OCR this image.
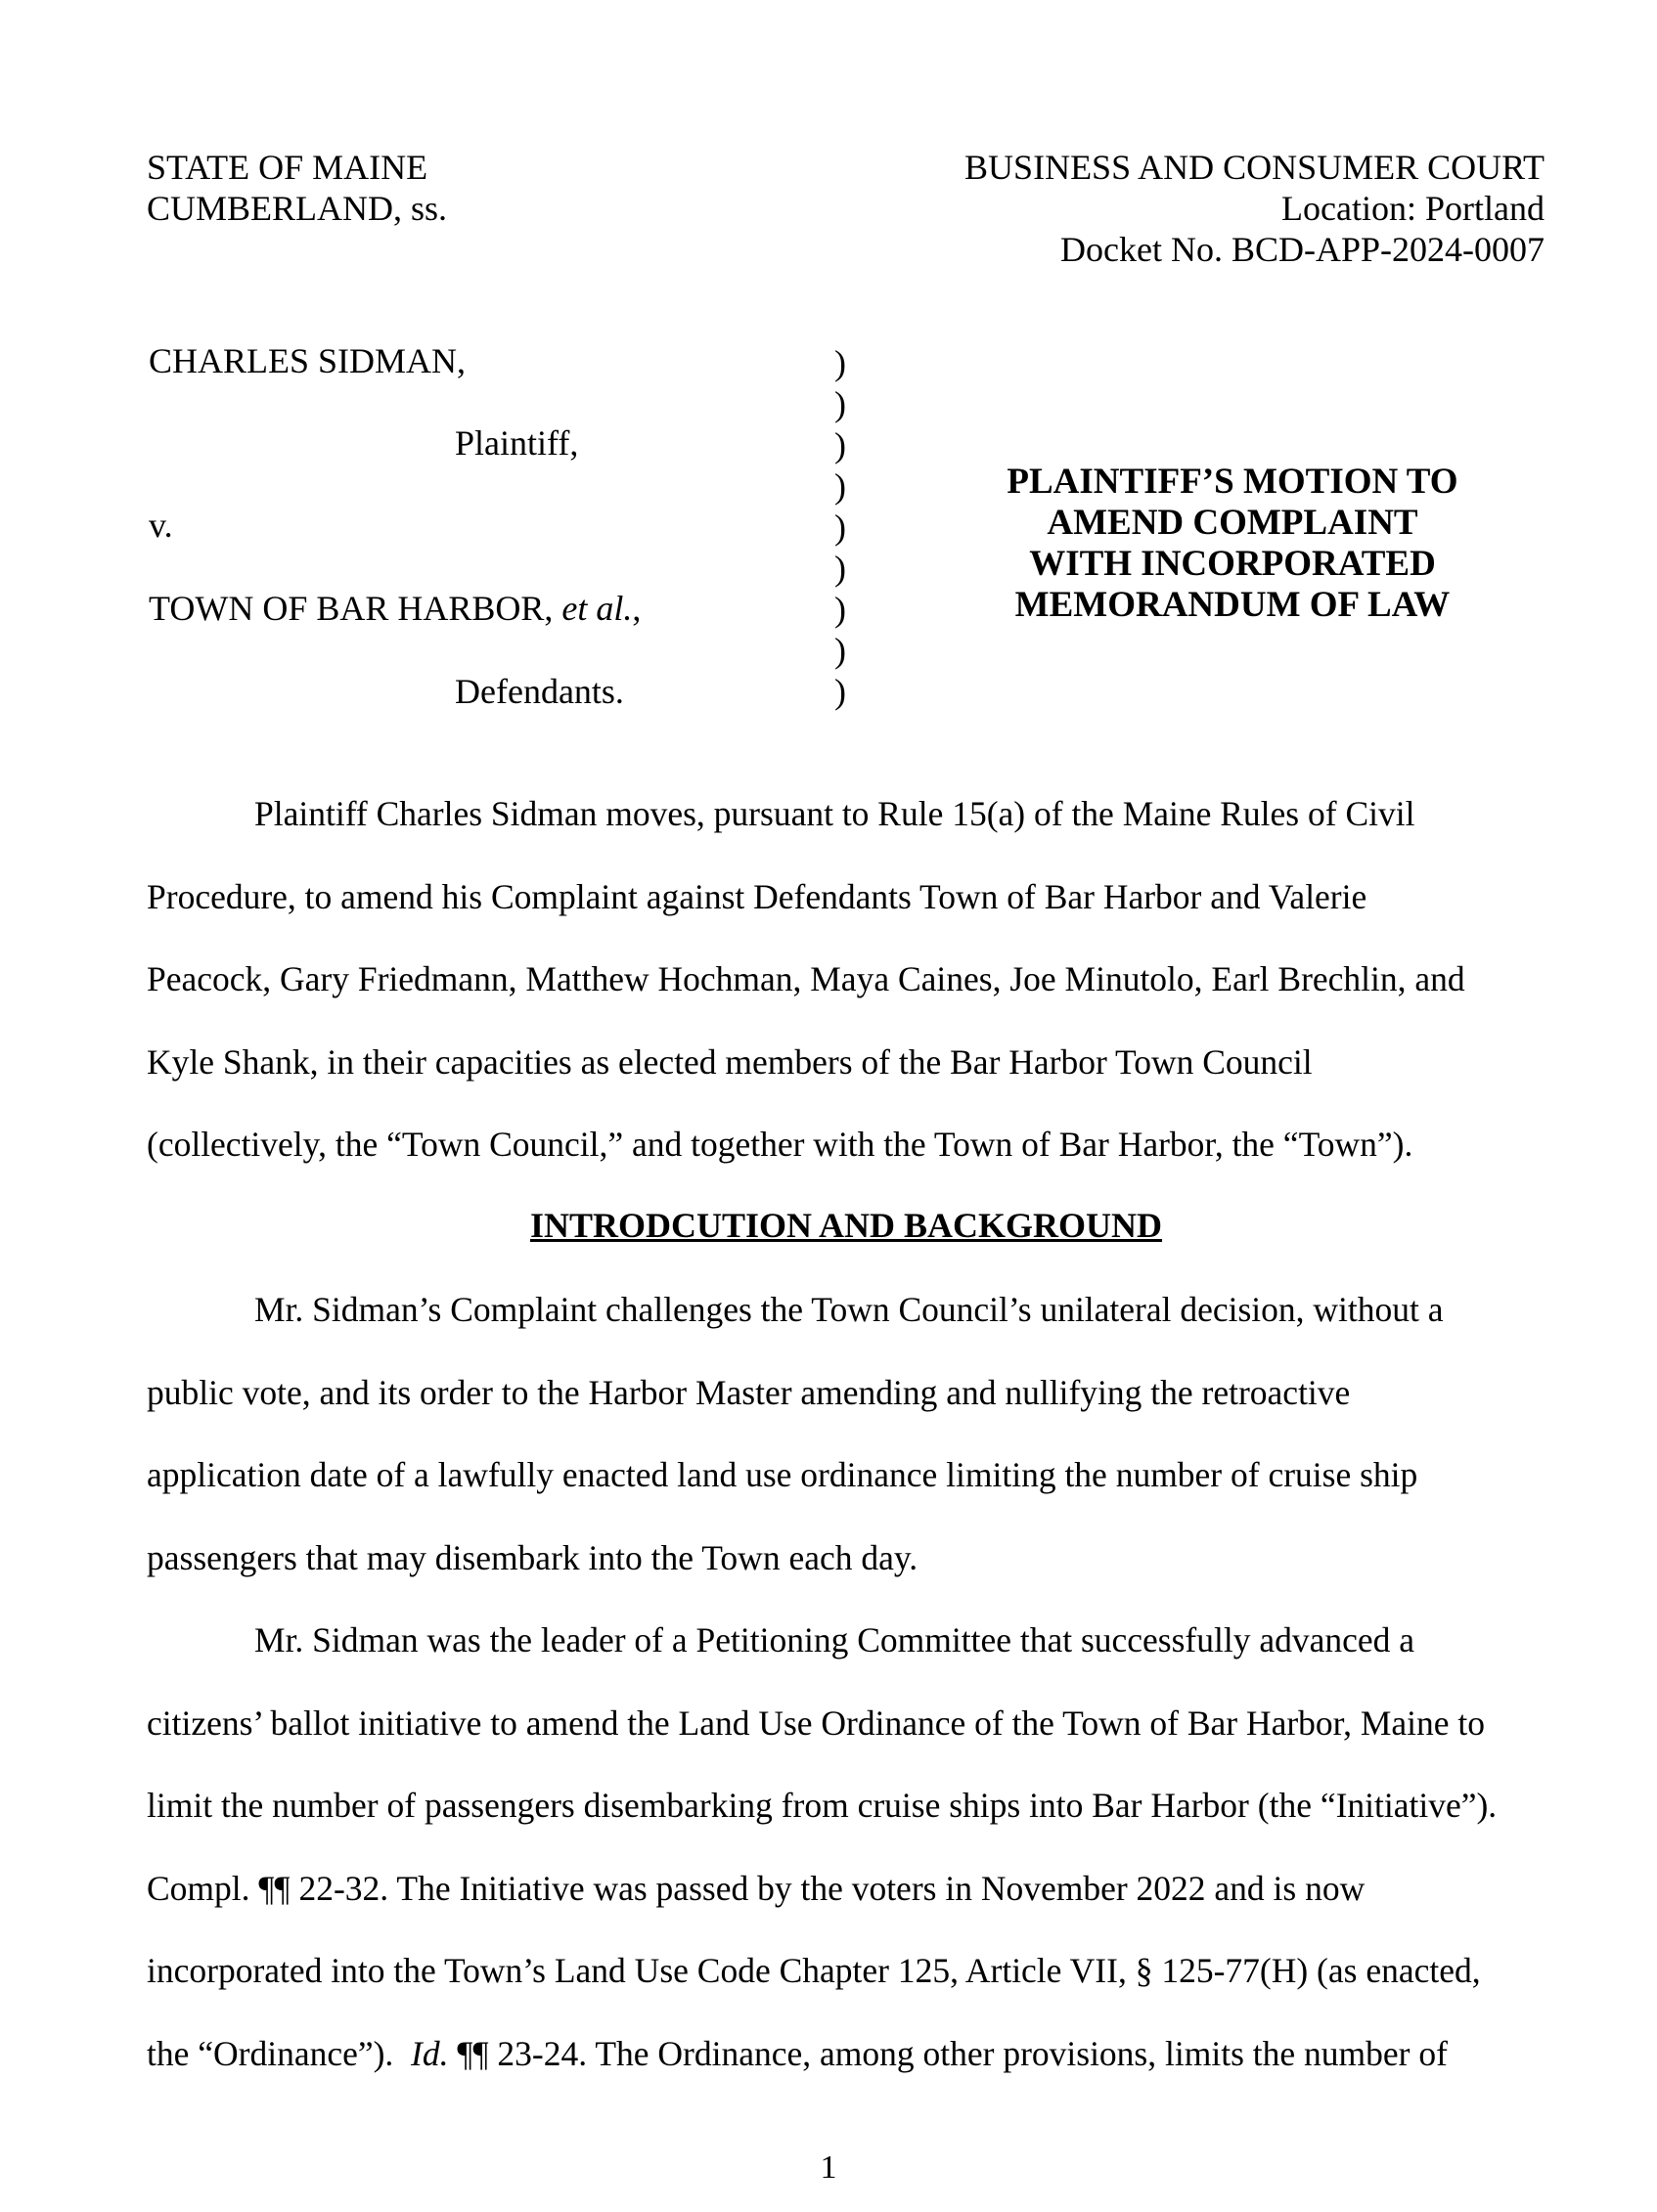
STATE OF MAINE
CUMBERLAND, ss.
BUSINESS AND CONSUMER COURT
Location: Portland
Docket No. BCD-APP-2024-0007
CHARLES SIDMAN,
Plaintiff,
v.
TOWN OF BAR HARBOR, et al.,
Defendants.
)
)
)
)
)
)
)
)
)
PLAINTIFF’S MOTION TO
AMEND COMPLAINT
WITH INCORPORATED
MEMORANDUM OF LAW
Plaintiff Charles Sidman moves, pursuant to Rule 15(a) of the Maine Rules of Civil
Procedure, to amend his Complaint against Defendants Town of Bar Harbor and Valerie
Peacock, Gary Friedmann, Matthew Hochman, Maya Caines, Joe Minutolo, Earl Brechlin, and
Kyle Shank, in their capacities as elected members of the Bar Harbor Town Council
(collectively, the “Town Council,” and together with the Town of Bar Harbor, the “Town”).
INTRODCUTION AND BACKGROUND
Mr. Sidman’s Complaint challenges the Town Council’s unilateral decision, without a
public vote, and its order to the Harbor Master amending and nullifying the retroactive
application date of a lawfully enacted land use ordinance limiting the number of cruise ship
passengers that may disembark into the Town each day.
Mr. Sidman was the leader of a Petitioning Committee that successfully advanced a
citizens’ ballot initiative to amend the Land Use Ordinance of the Town of Bar Harbor, Maine to
limit the number of passengers disembarking from cruise ships into Bar Harbor (the “Initiative”).
Compl. ¶¶ 22-32. The Initiative was passed by the voters in November 2022 and is now
incorporated into the Town’s Land Use Code Chapter 125, Article VII, § 125-77(H) (as enacted,
the “Ordinance”).  Id. ¶¶ 23-24. The Ordinance, among other provisions, limits the number of
1
